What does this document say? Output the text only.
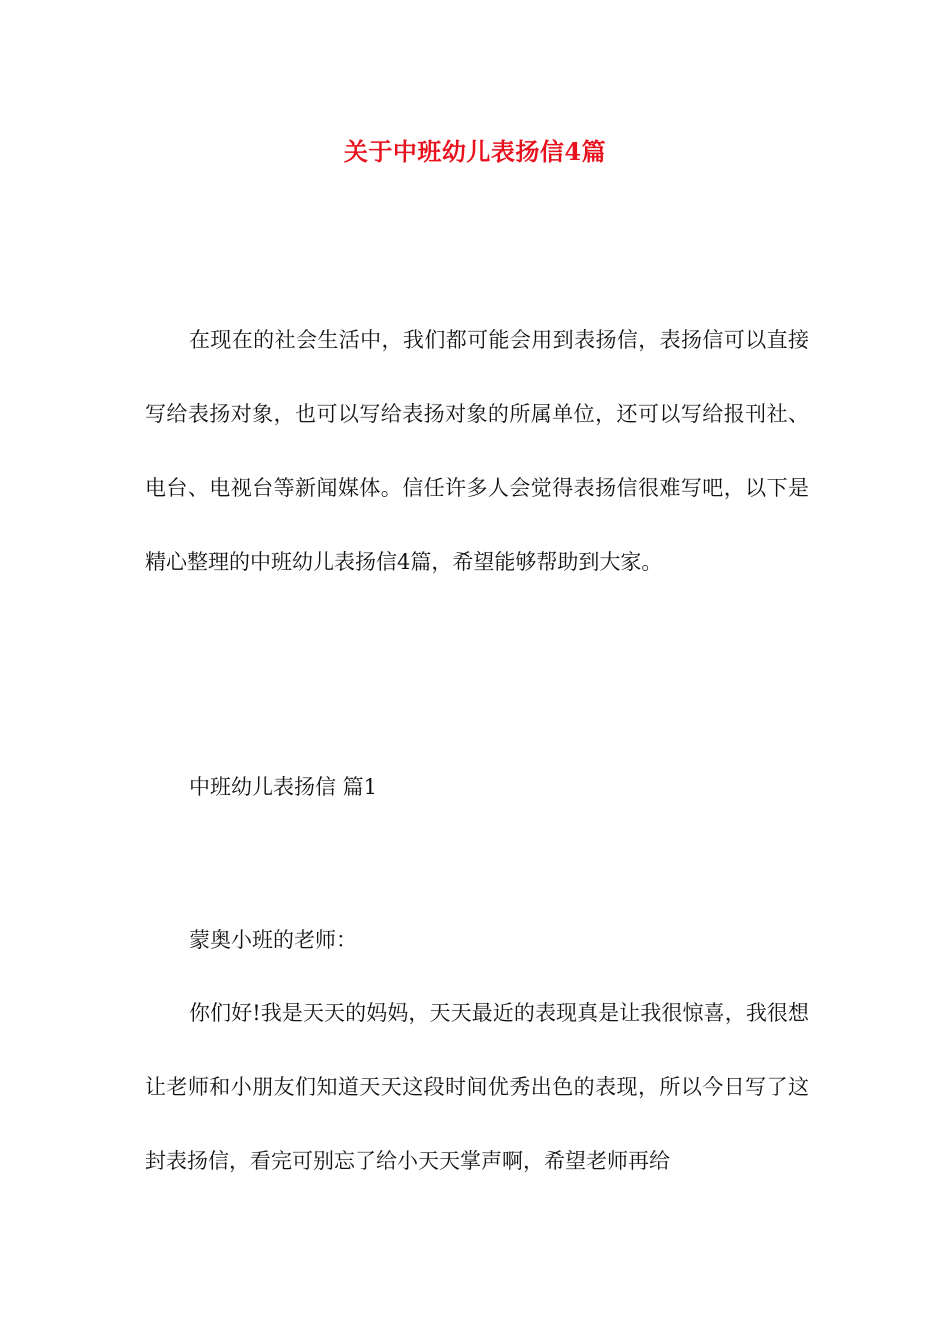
关于中班幼儿表扬信4篇

在现在的社会生活中，我们都可能会用到表扬信，表扬信可以直接写给表扬对象，也可以写给表扬对象的所属单位，还可以写给报刊社、电台、电视台等新闻媒体。信任许多人会觉得表扬信很难写吧，以下是精心整理的中班幼儿表扬信4篇，希望能够帮助到大家。

中班幼儿表扬信 篇1

蒙奥小班的老师：

你们好!我是天天的妈妈，天天最近的表现真是让我很惊喜，我很想让老师和小朋友们知道天天这段时间优秀出色的表现，所以今日写了这封表扬信，看完可别忘了给小天天掌声啊，希望老师再给
